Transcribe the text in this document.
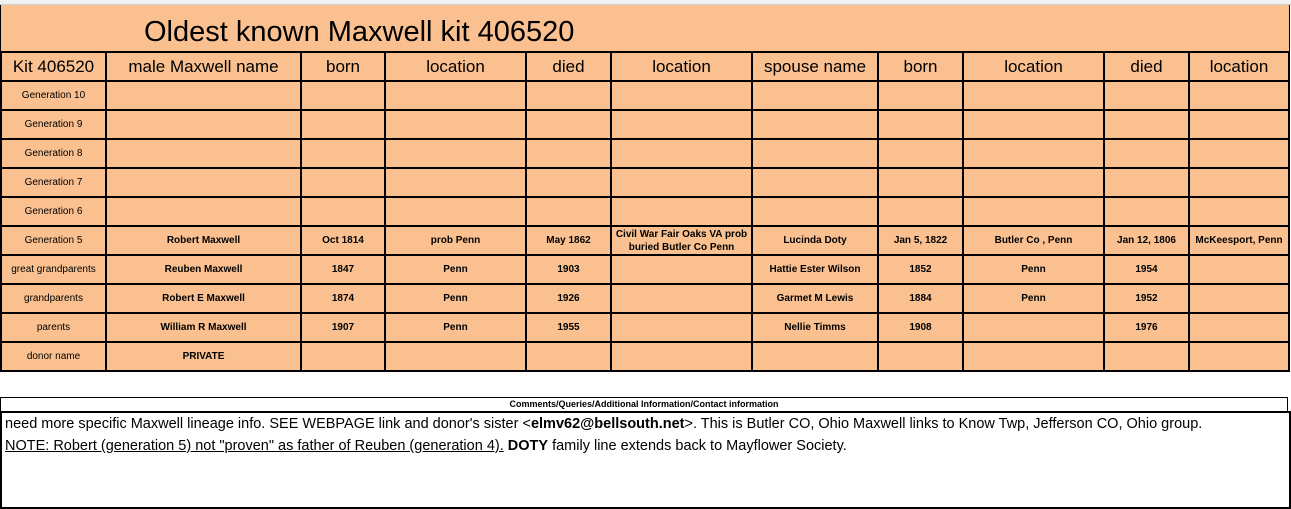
Oldest known Maxwell kit 406520
Kit 406520	male Maxwell name	born	location	died	location	spouse name	born	location	died	location
Generation 10										
Generation 9										
Generation 8										
Generation 7										
Generation 6										
Generation 5	Robert Maxwell	Oct 1814	prob Penn	May 1862	Civil War Fair Oaks VA prob buried Butler Co Penn	Lucinda Doty	Jan 5, 1822	Butler Co , Penn	Jan 12, 1806	McKeesport, Penn
great grandparents	Reuben Maxwell	1847	Penn	1903		Hattie Ester Wilson	1852	Penn	1954	
grandparents	Robert E Maxwell	1874	Penn	1926		Garmet M Lewis	1884	Penn	1952	
parents	William R Maxwell	1907	Penn	1955		Nellie Timms	1908		1976	
donor name	PRIVATE									
Comments/Queries/Additional Information/Contact information
need more specific Maxwell lineage info. SEE WEBPAGE link and donor's sister <elmv62@bellsouth.net>. This is Butler CO, Ohio Maxwell links to Know Twp, Jefferson CO, Ohio group.
NOTE: Robert (generation 5) not "proven" as father of Reuben (generation 4). DOTY family line extends back to Mayflower Society.
